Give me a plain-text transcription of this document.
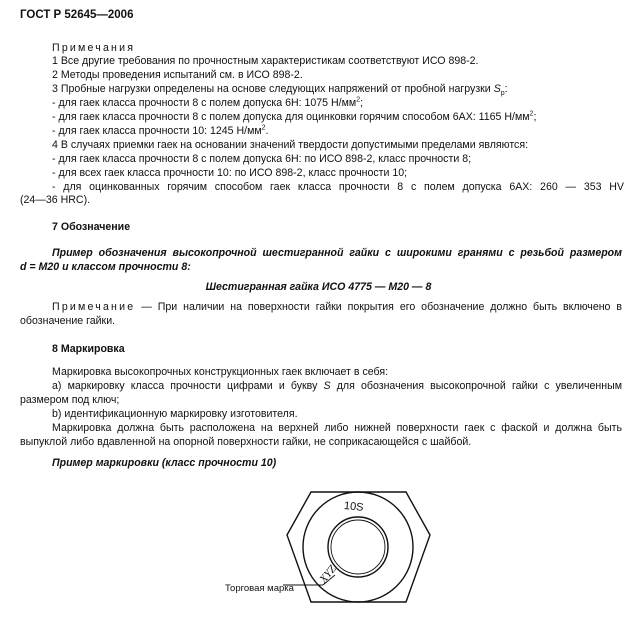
ГОСТ Р 52645—2006
Примечания
1 Все другие требования по прочностным характеристикам соответствуют ИСО 898-2.
2 Методы проведения испытаний см. в ИСО 898-2.
3 Пробные нагрузки определены на основе следующих напряжений от пробной нагрузки $S_p$:
- для гаек класса прочности 8 с полем допуска 6Н: 1075 $Н/мм^2$;
- для гаек класса прочности 8 с полем допуска для оцинковки горячим способом 6АХ: 1165 $Н/мм^2$;
- для гаек класса прочности 10: 1245 $Н/мм^2$.
4 В случаях приемки гаек на основании значений твердости допустимыми пределами являются:
- для гаек класса прочности 8 с полем допуска 6Н: по ИСО 898-2, класс прочности 8;
- для всех гаек класса прочности 10: по ИСО 898-2, класс прочности 10;
- для оцинкованных горячим способом гаек класса прочности 8 с полем допуска 6АХ: 260 — 353 HV
(24—36 HRC).
7 Обозначение
Пример обозначения высокопрочной шестигранной гайки с широкими гранями с резьбой размером
d = M20 и классом прочности 8:
Шестигранная гайка ИСО 4775 — М20 — 8
Примечание — При наличии на поверхности гайки покрытия его обозначение должно быть включено в
обозначение гайки.
8 Маркировка
Маркировка высокопрочных конструкционных гаек включает в себя:
а) маркировку класса прочности цифрами и букву S для обозначения высокопрочной гайки с увеличенным
размером под ключ;
b) идентификационную маркировку изготовителя.
Маркировка должна быть расположена на верхней либо нижней поверхности гаек с фаской и должна быть
выпуклой либо вдавленной на опорной поверхности гайки, не соприкасающейся с шайбой.
Пример маркировки (класс прочности 10)
10S
XYZ
Торговая марка
